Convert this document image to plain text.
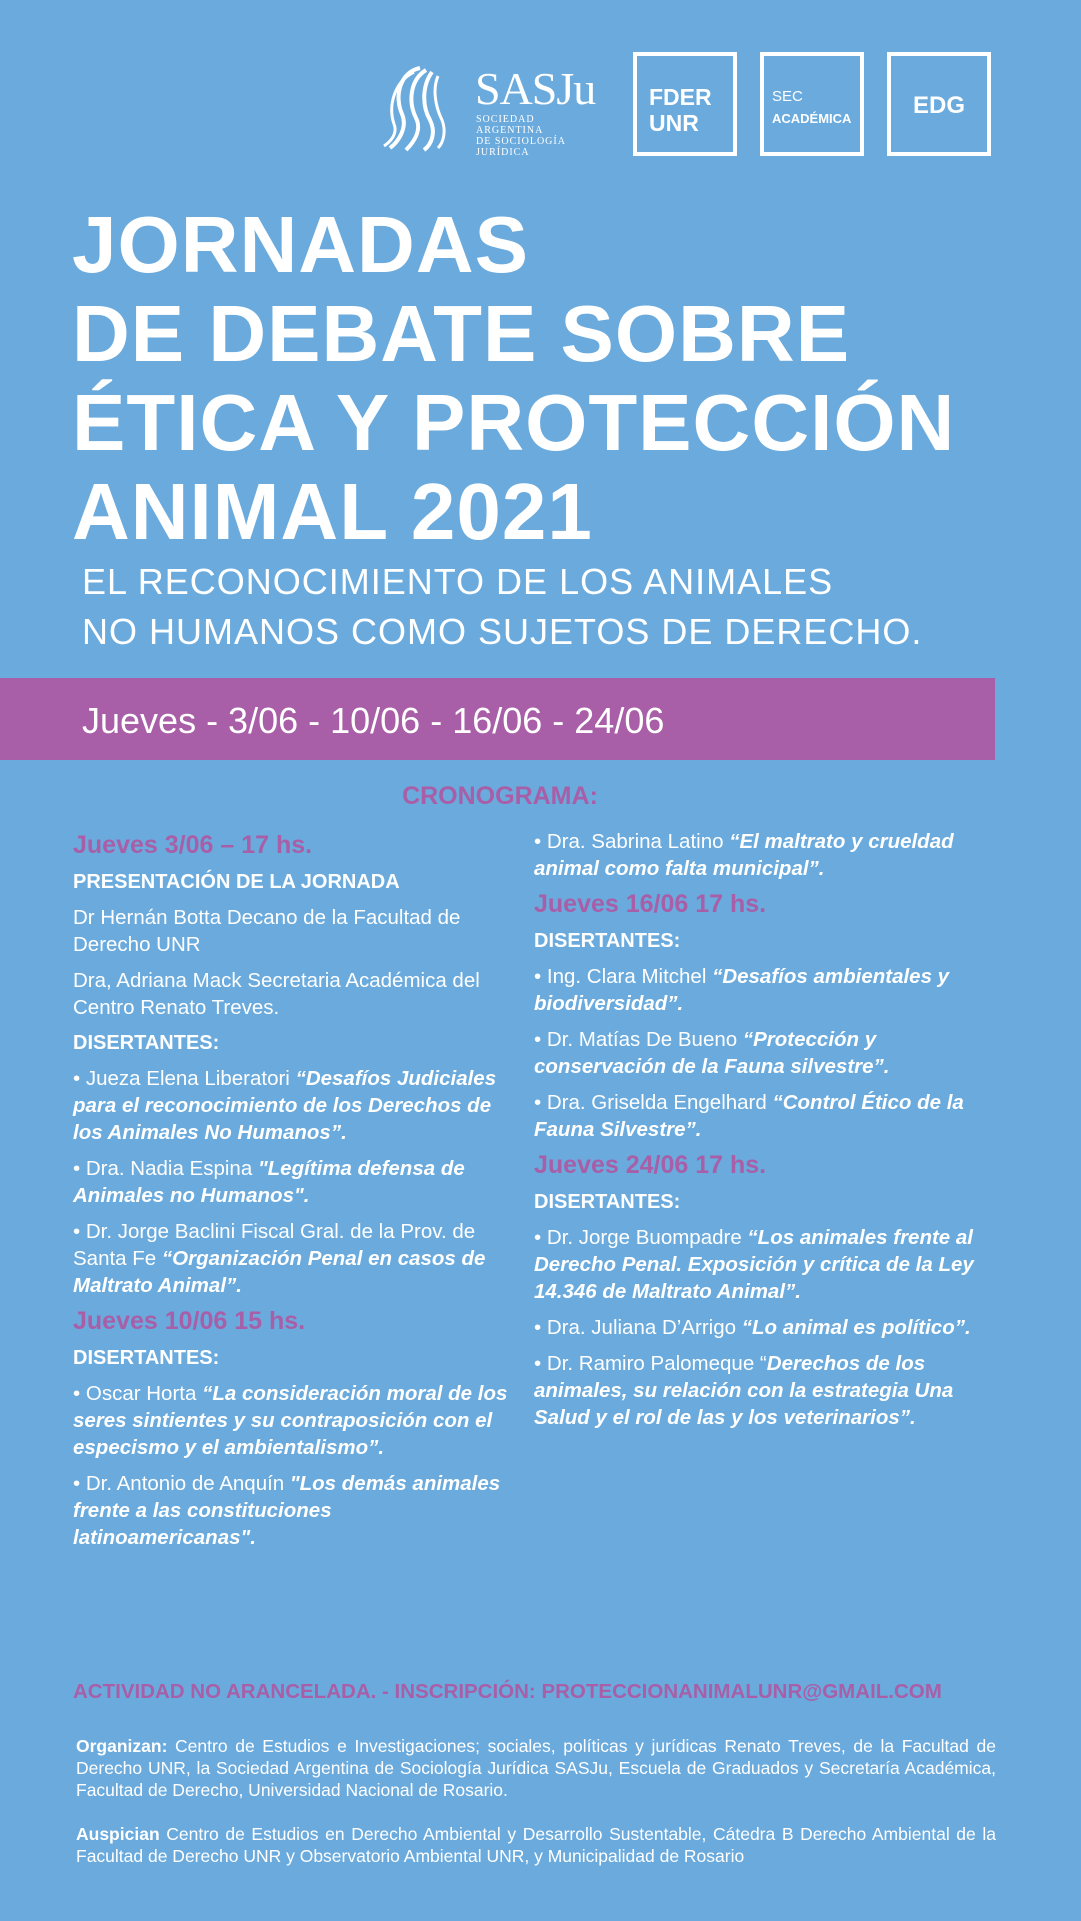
SASJu
SOCIEDAD
ARGENTINA
DE SOCIOLOGÍA
JURÍDICA
FDER
UNR
SEC
ACADÉMICA	EDG
JORNADAS
DE DEBATE SOBRE
ÉTICA Y PROTECCIÓN
ANIMAL 2021
EL RECONOCIMIENTO DE LOS ANIMALES
NO HUMANOS COMO SUJETOS DE DERECHO.
Jueves - 3/06 - 10/06 - 16/06 - 24/06
CRONOGRAMA:
Jueves 3/06 – 17 hs.
PRESENTACIÓN DE LA JORNADA

Dr Hernán Botta Decano de la Facultad de Derecho UNR

Dra, Adriana Mack Secretaria Académica del Centro Renato Treves.

DISERTANTES:

• Jueza Elena Liberatori “Desafíos Judiciales para el reconocimiento de los Derechos de los Animales No Humanos”.

• Dra. Nadia Espina "Legítima defensa de Animales no Humanos".

• Dr. Jorge Baclini Fiscal Gral. de la Prov. de Santa Fe “Organización Penal en casos de Maltrato Animal”.

Jueves 10/06 15 hs.
DISERTANTES:

• Oscar Horta “La consideración moral de los seres sintientes y su contraposición con el especismo y el ambientalismo”.

• Dr. Antonio de Anquín "Los demás animales frente a las constituciones latinoamericanas".

• Dra. Sabrina Latino “El maltrato y crueldad animal como falta municipal”.

Jueves 16/06 17 hs.
DISERTANTES:

• Ing. Clara Mitchel “Desafíos ambientales y biodiversidad”.

• Dr. Matías De Bueno “Protección y conservación de la Fauna silvestre”.

• Dra. Griselda Engelhard “Control Ético de la Fauna Silvestre”.

Jueves 24/06 17 hs.
DISERTANTES:

• Dr. Jorge Buompadre “Los animales frente al Derecho Penal. Exposición y crítica de la Ley 14.346 de Maltrato Animal”.

• Dra. Juliana D’Arrigo “Lo animal es político”.

• Dr. Ramiro Palomeque “Derechos de los animales, su relación con la estrategia Una Salud y el rol de las y los veterinarios”.

ACTIVIDAD NO ARANCELADA. - INSCRIPCIÓN: PROTECCIONANIMALUNR@GMAIL.COM

Organizan: Centro de Estudios e Investigaciones; sociales, políticas y jurídicas Renato Treves, de la Facultad de Derecho UNR, la Sociedad Argentina de Sociología Jurídica SASJu, Escuela de Graduados y Secretaría Académica, Facultad de Derecho, Universidad Nacional de Rosario.

Auspician Centro de Estudios en Derecho Ambiental y Desarrollo Sustentable, Cátedra B Derecho Ambiental de la Facultad de Derecho UNR y Observatorio Ambiental UNR, y Municipalidad de Rosario
